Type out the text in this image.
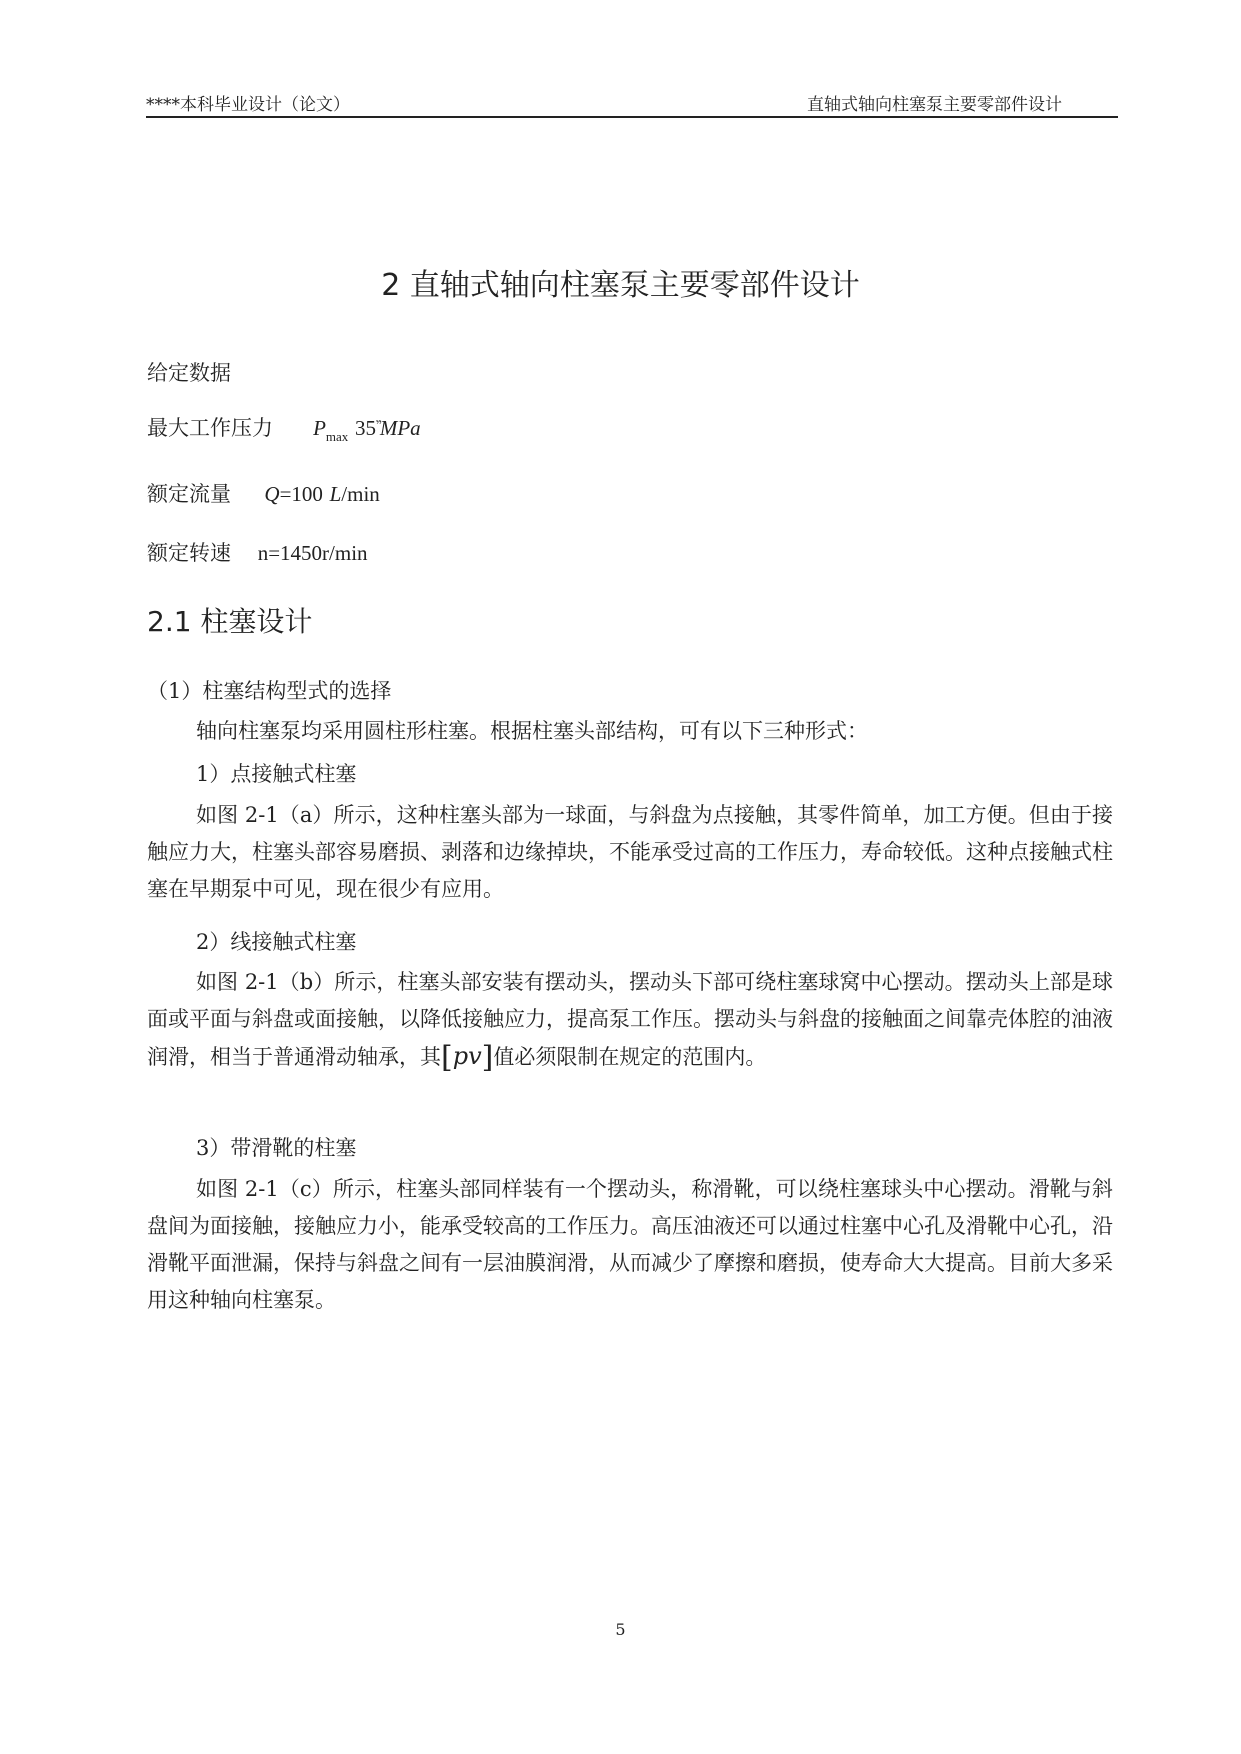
****本科毕业设计（论文）	直轴式轴向柱塞泵主要零部件设计
2 直轴式轴向柱塞泵主要零部件设计
给定数据
最大工作压力 $P_{max}$ $^ײ$35 MPa
额定流量 Q=100 L/min
额定转速 n=1450r/min
2.1 柱塞设计
（1）柱塞结构型式的选择
轴向柱塞泵均采用圆柱形柱塞。根据柱塞头部结构，可有以下三种形式：
1）点接触式柱塞

如图 2-1（a）所示，这种柱塞头部为一球面，与斜盘为点接触，其零件简单，加工方便。但由于接触应力大，柱塞头部容易磨损、剥落和边缘掉块，不能承受过高的工作压力，寿命较低。这种点接触式柱塞在早期泵中可见，现在很少有应用。

2）线接触式柱塞

如图 2-1（b）所示，柱塞头部安装有摆动头，摆动头下部可绕柱塞球窝中心摆动。摆动头上部是球面或平面与斜盘或面接触，以降低接触应力，提高泵工作压。摆动头与斜盘的接触面之间靠壳体腔的油液润滑，相当于普通滑动轴承，其[pv]值必须限制在规定的范围内。

3）带滑靴的柱塞

如图 2-1（c）所示，柱塞头部同样装有一个摆动头，称滑靴，可以绕柱塞球头中心摆动。滑靴与斜盘间为面接触，接触应力小，能承受较高的工作压力。高压油液还可以通过柱塞中心孔及滑靴中心孔，沿滑靴平面泄漏，保持与斜盘之间有一层油膜润滑，从而减少了摩擦和磨损，使寿命大大提高。目前大多采用这种轴向柱塞泵。

5
